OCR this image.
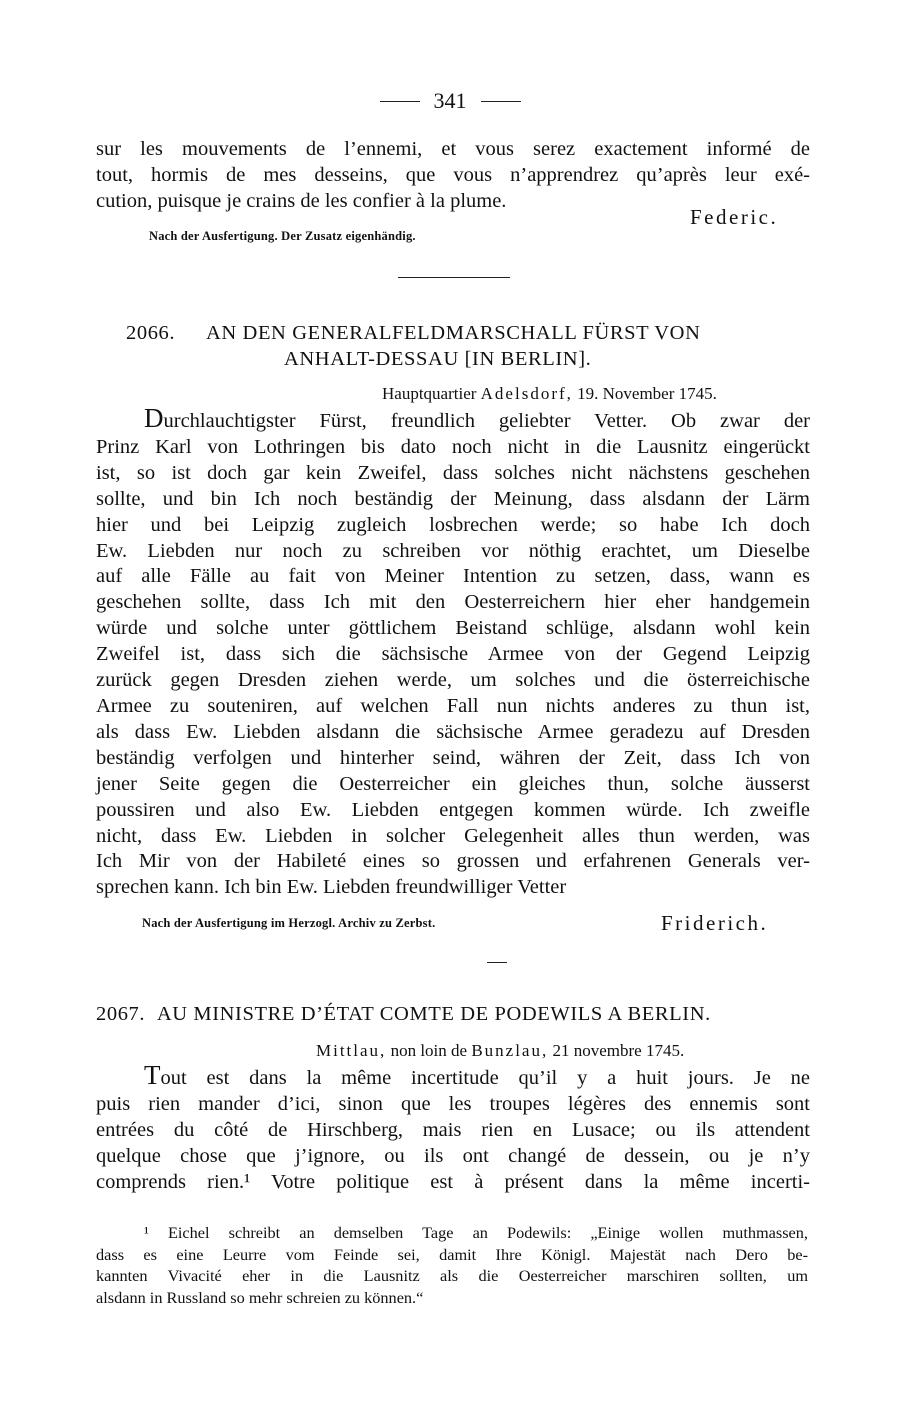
341

sur les mouvements de l’ennemi, et vous serez exactement informé de
tout, hormis de mes desseins, que vous n’apprendrez qu’après leur exé-
cution, puisque je crains de les confier à la plume.

Federic.
Nach der Ausfertigung. Der Zusatz eigenhändig.
2066. AN DEN GENERALFELDMARSCHALL FÜRST VON
ANHALT-DESSAU [IN BERLIN].
Hauptquartier Adelsdorf, 19. November 1745.

Durchlauchtigster Fürst, freundlich geliebter Vetter. Ob zwar der
Prinz Karl von Lothringen bis dato noch nicht in die Lausnitz eingerückt
ist, so ist doch gar kein Zweifel, dass solches nicht nächstens geschehen
sollte, und bin Ich noch beständig der Meinung, dass alsdann der Lärm
hier und bei Leipzig zugleich losbrechen werde; so habe Ich doch
Ew. Liebden nur noch zu schreiben vor nöthig erachtet, um Dieselbe
auf alle Fälle au fait von Meiner Intention zu setzen, dass, wann es
geschehen sollte, dass Ich mit den Oesterreichern hier eher handgemein
würde und solche unter göttlichem Beistand schlüge, alsdann wohl kein
Zweifel ist, dass sich die sächsische Armee von der Gegend Leipzig
zurück gegen Dresden ziehen werde, um solches und die österreichische
Armee zu souteniren, auf welchen Fall nun nichts anderes zu thun ist,
als dass Ew. Liebden alsdann die sächsische Armee geradezu auf Dresden
beständig verfolgen und hinterher seind, währen der Zeit, dass Ich von
jener Seite gegen die Oesterreicher ein gleiches thun, solche äusserst
poussiren und also Ew. Liebden entgegen kommen würde. Ich zweifle
nicht, dass Ew. Liebden in solcher Gelegenheit alles thun werden, was
Ich Mir von der Habileté eines so grossen und erfahrenen Generals ver-
sprechen kann. Ich bin Ew. Liebden freundwilliger Vetter

Nach der Ausfertigung im Herzogl. Archiv zu Zerbst.	Friderich.
2067. AU MINISTRE D’ÉTAT COMTE DE PODEWILS A BERLIN.
Mittlau, non loin de Bunzlau, 21 novembre 1745.

Tout est dans la même incertitude qu’il y a huit jours. Je ne
puis rien mander d’ici, sinon que les troupes légères des ennemis sont
entrées du côté de Hirschberg, mais rien en Lusace; ou ils attendent
quelque chose que j’ignore, ou ils ont changé de dessein, ou je n’y
comprends rien.¹ Votre politique est à présent dans la même incerti-

¹ Eichel schreibt an demselben Tage an Podewils: „Einige wollen muthmassen,
dass es eine Leurre vom Feinde sei, damit Ihre Königl. Majestät nach Dero be-
kannten Vivacité eher in die Lausnitz als die Oesterreicher marschiren sollten, um
alsdann in Russland so mehr schreien zu können.“
